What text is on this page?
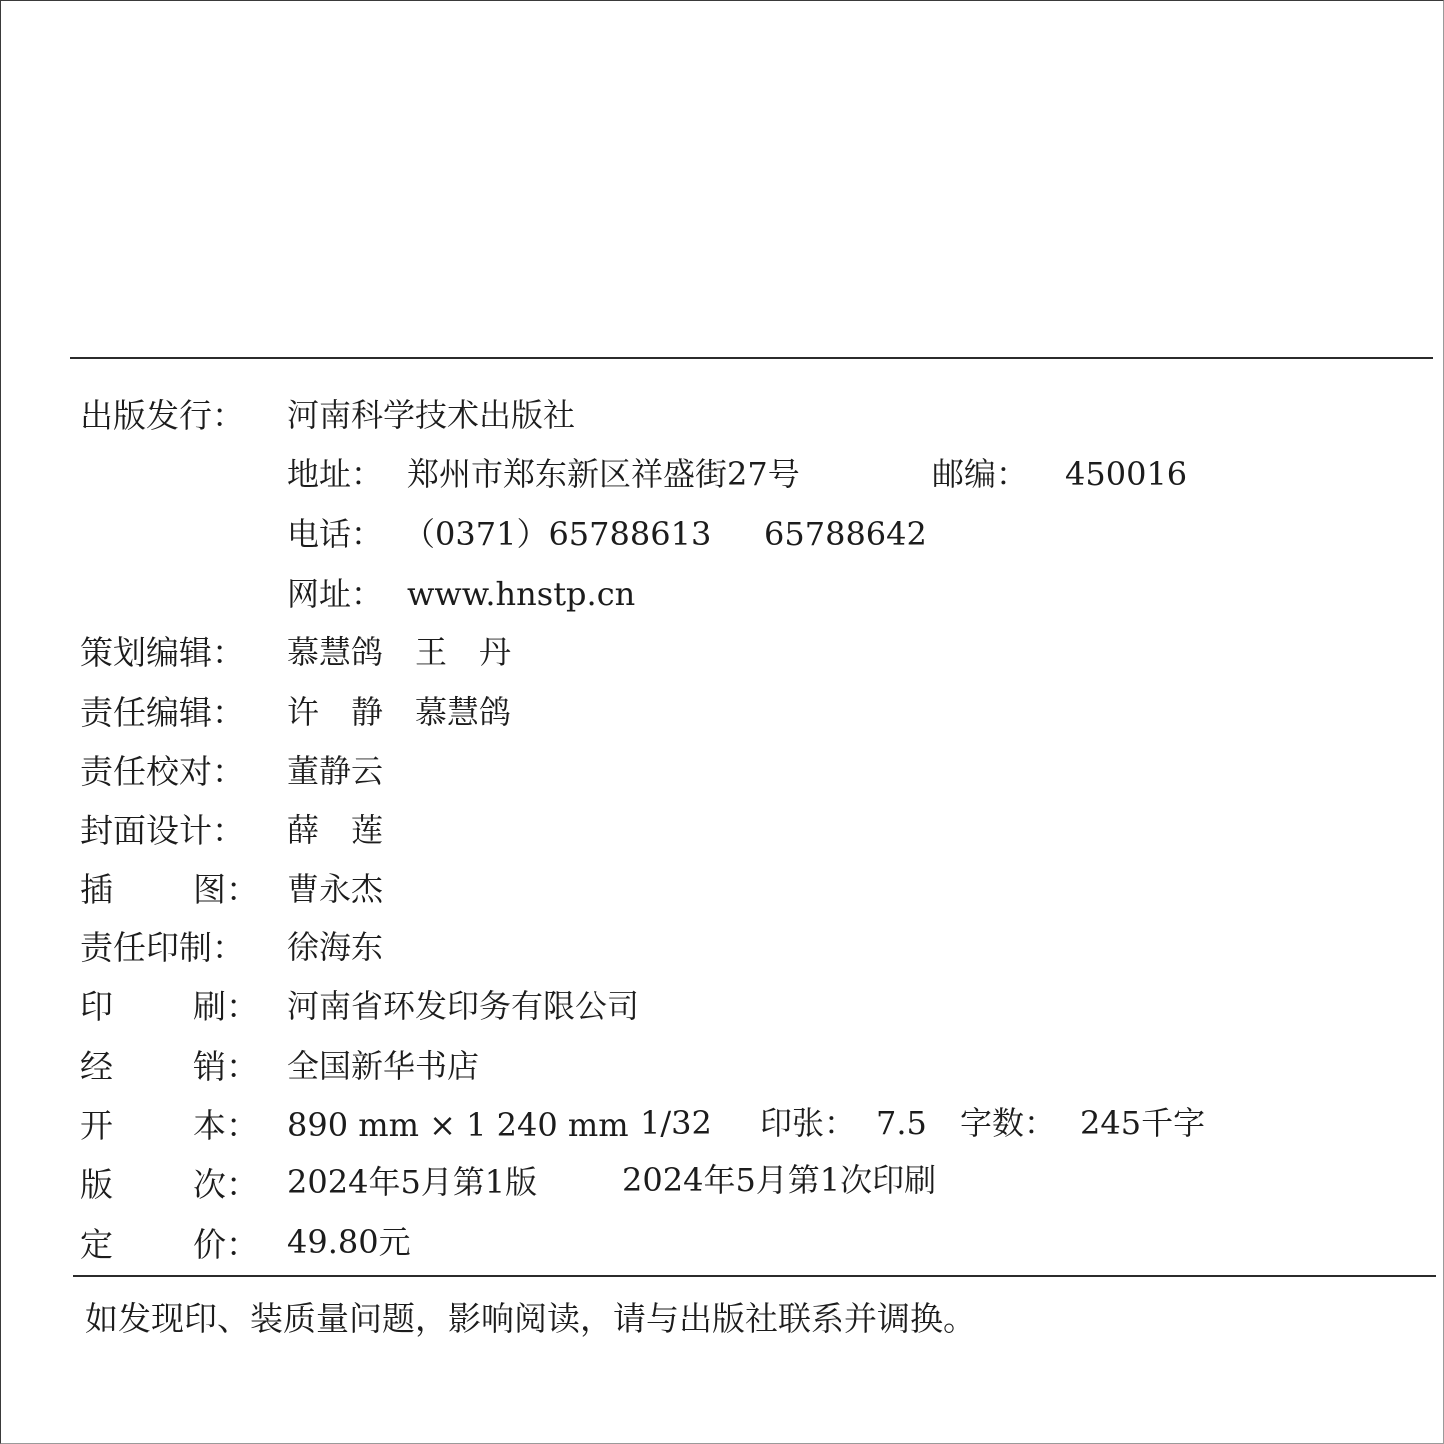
出版发行： 河南科学技术出版社
地址： 郑州市郑东新区祥盛街27号	邮编： 450016
电话： （0371）65788613 65788642
网址： www.hnstp.cn
策划编辑： 慕慧鸽　王　丹
责任编辑： 许　静　慕慧鸽
责任校对： 董静云
封面设计： 薛　莲
插 图： 曹永杰
责任印制： 徐海东
印 刷： 河南省环发印务有限公司
经 销： 全国新华书店
开 本： 890 mm × 1 240 mm 1/32 印张： 7.5 字数： 245千字
版 次： 2024年5月第1版	2024年5月第1次印刷
定 价： 49.80元
如发现印、装质量问题，影响阅读，请与出版社联系并调换。
